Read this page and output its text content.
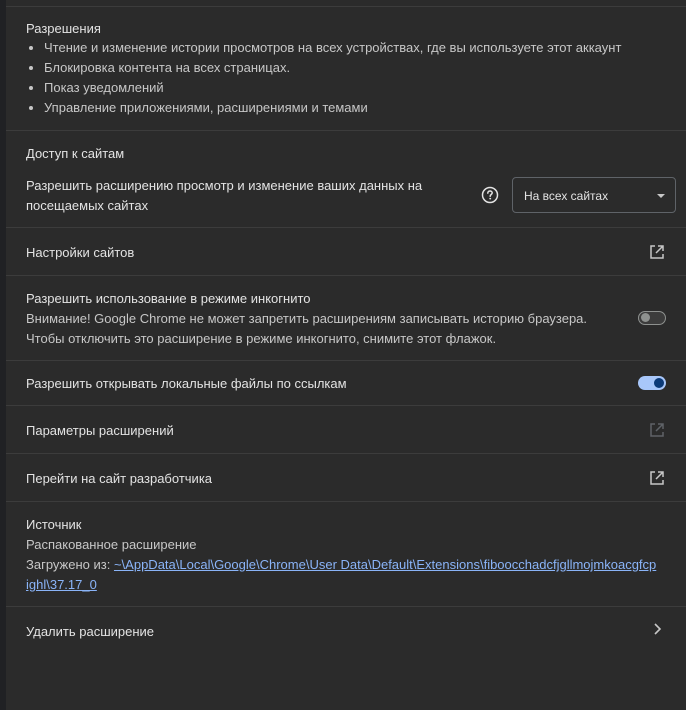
Разрешения
• Чтение и изменение истории просмотров на всех устройствах, где вы используете этот аккаунт
• Блокировка контента на всех страницах.
• Показ уведомлений
• Управление приложениями, расширениями и темами
Доступ к сайтам
Разрешить расширению просмотр и изменение ваших данных на
посещаемых сайтах
На всех сайтах
Настройки сайтов
Разрешить использование в режиме инкогнито
Внимание! Google Chrome не может запретить расширениям записывать историю браузера.
Чтобы отключить это расширение в режиме инкогнито, снимите этот флажок.
Разрешить открывать локальные файлы по ссылкам
Параметры расширений
Перейти на сайт разработчика
Источник
Распакованное расширение
Загружено из: ~\AppData\Local\Google\Chrome\User Data\Default\Extensions\fiboocchadcfjgllmojmkoacgfcp
ighl\37.17_0
Удалить расширение
